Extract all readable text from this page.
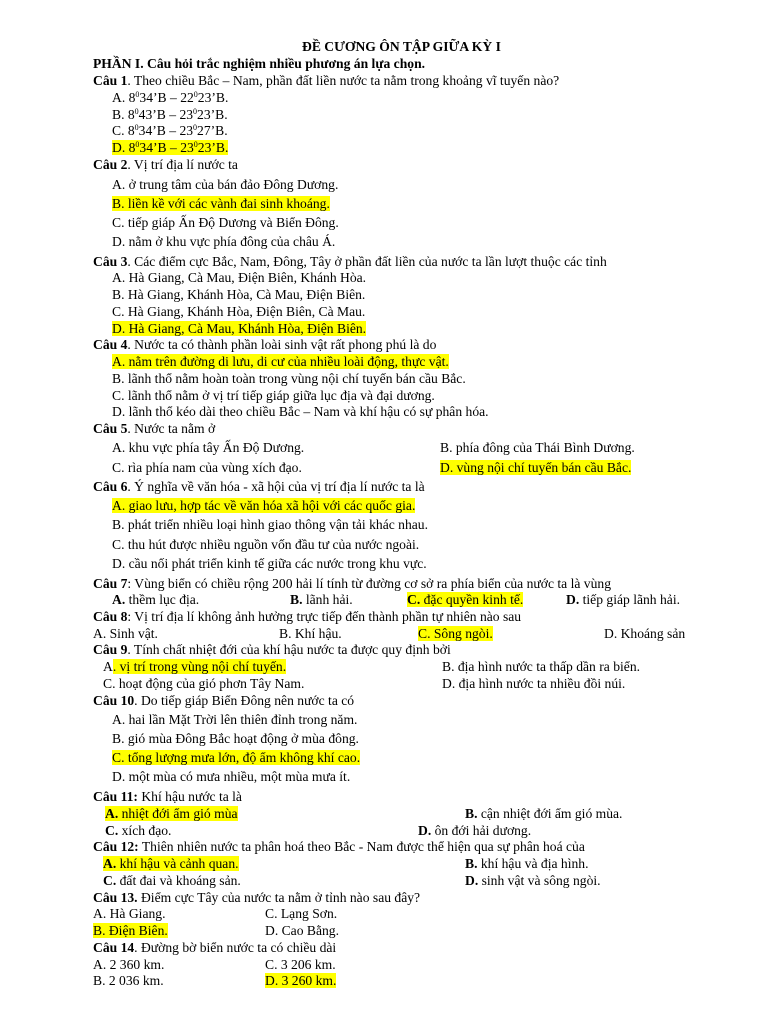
ĐỀ CƯƠNG ÔN TẬP GIỮA KỲ I
PHẦN I. Câu hỏi trắc nghiệm nhiều phương án lựa chọn.
Câu 1. Theo chiều Bắc – Nam, phần đất liền nước ta nằm trong khoảng vĩ tuyến nào?
A. $8^034’B$ – $22^023’B$.
B. $8^043’B$ – $23^023’B$.
C. $8^034’B$ – $23^027’B$.
D. $8^034’B$ – $23^023’B$.
Câu 2. Vị trí địa lí nước ta
A. ở trung tâm của bán đảo Đông Dương.
B. liền kề với các vành đai sinh khoáng.
C. tiếp giáp Ấn Độ Dương và Biển Đông.
D. nằm ở khu vực phía đông của châu Á.
Câu 3. Các điểm cực Bắc, Nam, Đông, Tây ở phần đất liền của nước ta lần lượt thuộc các tỉnh
A. Hà Giang, Cà Mau, Điện Biên, Khánh Hòa.
B. Hà Giang, Khánh Hòa, Cà Mau, Điện Biên.
C. Hà Giang, Khánh Hòa, Điện Biên, Cà Mau.
D. Hà Giang, Cà Mau, Khánh Hòa, Điện Biên.
Câu 4. Nước ta có thành phần loài sinh vật rất phong phú là do
A. nằm trên đường di lưu, di cư của nhiều loài động, thực vật.
B. lãnh thổ nằm hoàn toàn trong vùng nội chí tuyến bán cầu Bắc.
C. lãnh thổ nằm ở vị trí tiếp giáp giữa lục địa và đại dương.
D. lãnh thổ kéo dài theo chiều Bắc – Nam và khí hậu có sự phân hóa.
Câu 5. Nước ta nằm ở
A. khu vực phía tây Ấn Độ Dương.	B. phía đông của Thái Bình Dương.
C. rìa phía nam của vùng xích đạo.	D. vùng nội chí tuyến bán cầu Bắc.
Câu 6. Ý nghĩa về văn hóa - xã hội của vị trí địa lí nước ta là
A. giao lưu, hợp tác về văn hóa xã hội với các quốc gia.
B. phát triển nhiều loại hình giao thông vận tải khác nhau.
C. thu hút được nhiều nguồn vốn đầu tư của nước ngoài.
D. cầu nối phát triển kinh tế giữa các nước trong khu vực.
Câu 7: Vùng biển có chiều rộng 200 hải lí tính từ đường cơ sở ra phía biển của nước ta là vùng
A. thềm lục địa.	B. lãnh hải.	C. đặc quyền kinh tế.	D. tiếp giáp lãnh hải.
Câu 8: Vị trí địa lí không ảnh hưởng trực tiếp đến thành phần tự nhiên nào sau
A. Sinh vật.	B. Khí hậu.	C. Sông ngòi.	D. Khoáng sản
Câu 9. Tính chất nhiệt đới của khí hậu nước ta được quy định bởi
A. vị trí trong vùng nội chí tuyến.	B. địa hình nước ta thấp dần ra biển.
C. hoạt động của gió phơn Tây Nam.	D. địa hình nước ta nhiều đồi núi.
Câu 10. Do tiếp giáp Biển Đông nên nước ta có
A. hai lần Mặt Trời lên thiên đỉnh trong năm.
B. gió mùa Đông Bắc hoạt động ở mùa đông.
C. tổng lượng mưa lớn, độ ẩm không khí cao.
D. một mùa có mưa nhiều, một mùa mưa ít.
Câu 11: Khí hậu nước ta là
A. nhiệt đới ẩm gió mùa	B. cận nhiệt đới ẩm gió mùa.
C. xích đạo.	D. ôn đới hải dương.
Câu 12: Thiên nhiên nước ta phân hoá theo Bắc - Nam được thể hiện qua sự phân hoá của
A. khí hậu và cảnh quan.	B. khí hậu và địa hình.
C. đất đai và khoáng sản.	D. sinh vật và sông ngòi.
Câu 13. Điểm cực Tây của nước ta nằm ở tỉnh nào sau đây?
A. Hà Giang.	C. Lạng Sơn.
B. Điện Biên.	D. Cao Bằng.
Câu 14. Đường bờ biển nước ta có chiều dài
A. 2 360 km.	C. 3 206 km.
B. 2 036 km.	D. 3 260 km.
